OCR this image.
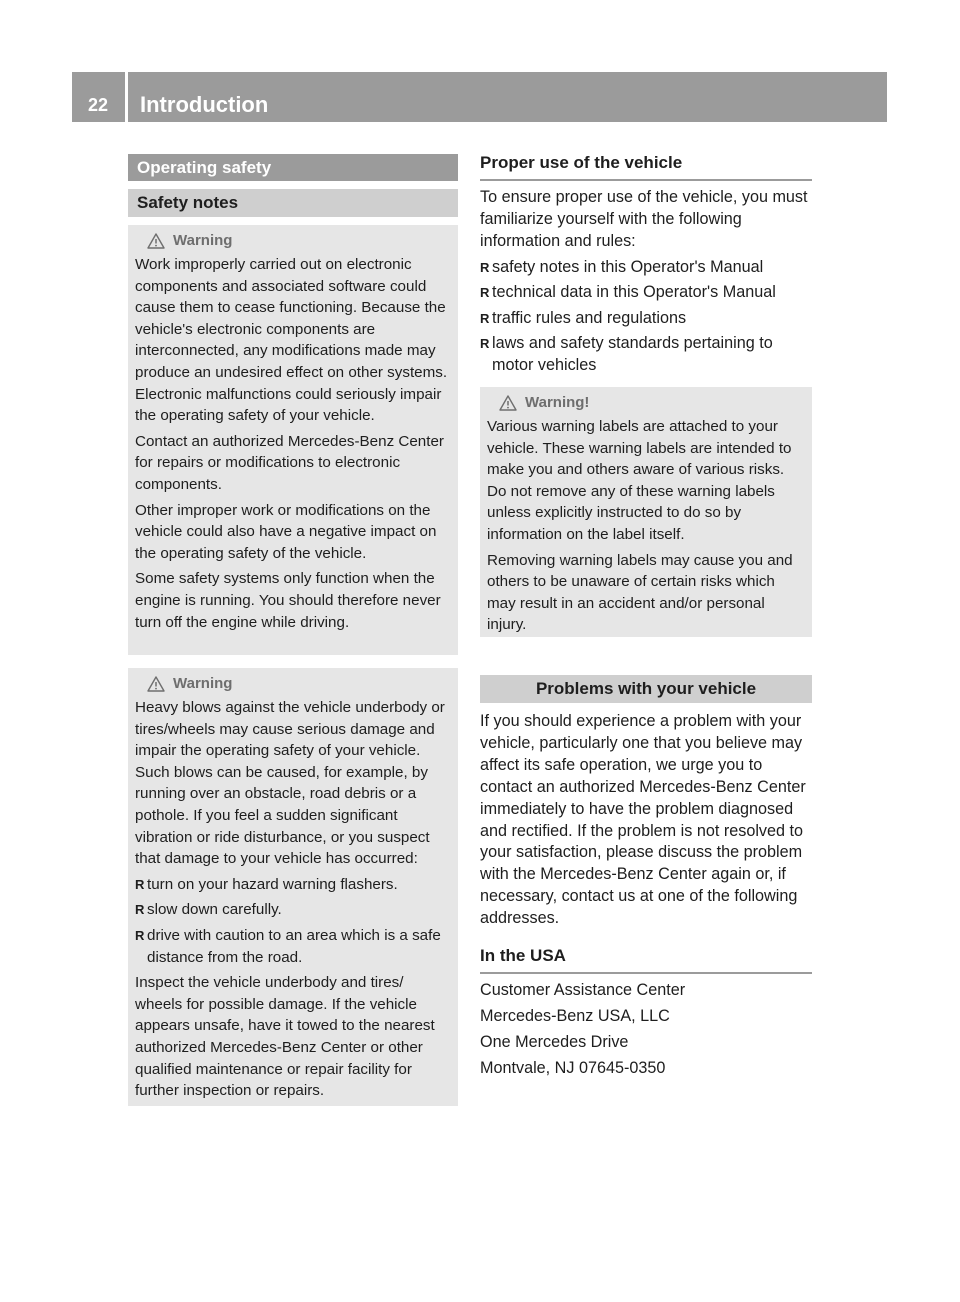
22	Introduction
Operating safety
Safety notes
Warning

Work improperly carried out on electronic components and associated software could cause them to cease functioning. Because the vehicle's electronic components are interconnected, any modifications made may produce an undesired effect on other systems. Electronic malfunctions could seriously impair the operating safety of your vehicle.

Contact an authorized Mercedes-Benz Center for repairs or modifications to electronic components.

Other improper work or modifications on the vehicle could also have a negative impact on the operating safety of the vehicle.

Some safety systems only function when the engine is running. You should therefore never turn off the engine while driving.

Warning

Heavy blows against the vehicle underbody or tires/wheels may cause serious damage and impair the operating safety of your vehicle. Such blows can be caused, for example, by running over an obstacle, road debris or a pothole. If you feel a sudden significant vibration or ride disturbance, or you suspect that damage to your vehicle has occurred:

R turn on your hazard warning flashers.
R slow down carefully.
R drive with caution to an area which is a safe distance from the road.

Inspect the vehicle underbody and tires/ wheels for possible damage. If the vehicle appears unsafe, have it towed to the nearest authorized Mercedes-Benz Center or other qualified maintenance or repair facility for further inspection or repairs.

Proper use of the vehicle

To ensure proper use of the vehicle, you must familiarize yourself with the following information and rules:

R safety notes in this Operator's Manual
R technical data in this Operator's Manual
R traffic rules and regulations
R laws and safety standards pertaining to motor vehicles
Warning!

Various warning labels are attached to your vehicle. These warning labels are intended to make you and others aware of various risks. Do not remove any of these warning labels unless explicitly instructed to do so by information on the label itself.

Removing warning labels may cause you and others to be unaware of certain risks which may result in an accident and/or personal injury.

Problems with your vehicle

If you should experience a problem with your vehicle, particularly one that you believe may affect its safe operation, we urge you to contact an authorized Mercedes-Benz Center immediately to have the problem diagnosed and rectified. If the problem is not resolved to your satisfaction, please discuss the problem with the Mercedes-Benz Center again or, if necessary, contact us at one of the following addresses.

In the USA

Customer Assistance Center

Mercedes-Benz USA, LLC

One Mercedes Drive

Montvale, NJ 07645-0350
